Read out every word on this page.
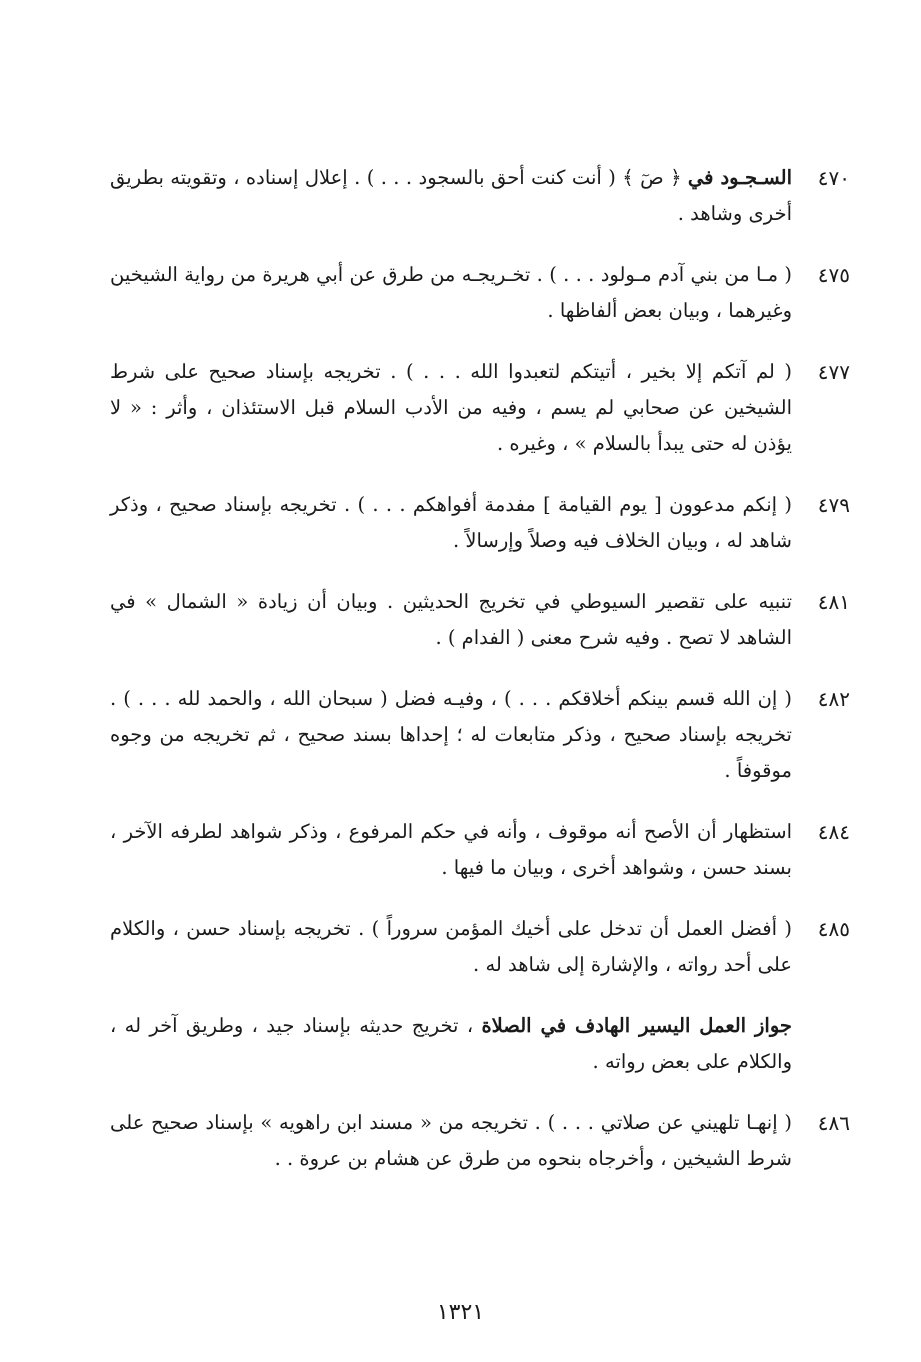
٤٧٠
السـجـود في ﴿ صٓ ﴾ ( أنت كنت أحق بالسجود . . . ) . إعلال إسناده ، وتقويته بطريق أخرى وشاهد .
٤٧٥
( مـا من بني آدم مـولود . . . ) . تخـريجـه من طرق عن أبي هريرة من رواية الشيخين وغيرهما ، وبيان بعض ألفاظها .
٤٧٧
( لم آتكم إلا بخير ، أتيتكم لتعبدوا الله . . . ) . تخريجه بإسناد صحيح على شرط الشيخين عن صحابي لم يسم ، وفيه من الأدب السلام قبل الاستئذان ، وأثر : « لا يؤذن له حتى يبدأ بالسلام » ، وغيره .
٤٧٩
( إنكم مدعوون [ يوم القيامة ] مفدمة أفواهكم . . . ) . تخريجه بإسناد صحيح ، وذكر شاهد له ، وبيان الخلاف فيه وصلاً وإرسالاً .
٤٨١
تنبيه على تقصير السيوطي في تخريج الحديثين . وبيان أن زيادة « الشمال » في الشاهد لا تصح . وفيه شرح معنى ( الفدام ) .
٤٨٢
( إن الله قسم بينكم أخلاقكم . . . ) ، وفيـه فضل ( سبحان الله ، والحمد لله . . . ) . تخريجه بإسناد صحيح ، وذكر متابعات له ؛ إحداها بسند صحيح ، ثم تخريجه من وجوه موقوفاً .
٤٨٤
استظهار أن الأصح أنه موقوف ، وأنه في حكم المرفوع ، وذكر شواهد لطرفه الآخر ، بسند حسن ، وشواهد أخرى ، وبيان ما فيها .
٤٨٥
( أفضل العمل أن تدخل على أخيك المؤمن سروراً ) . تخريجه بإسناد حسن ، والكلام على أحد رواته ، والإشارة إلى شاهد له .
جواز العمل اليسير الهادف في الصلاة ، تخريج حديثه بإسناد جيد ، وطريق آخر له ، والكلام على بعض رواته .
٤٨٦
( إنهـا تلهيني عن صلاتي . . . ) . تخريجه من « مسند ابن راهويه » بإسناد صحيح على شرط الشيخين ، وأخرجاه بنحوه من طرق عن هشام بن عروة . .
١٣٢١
